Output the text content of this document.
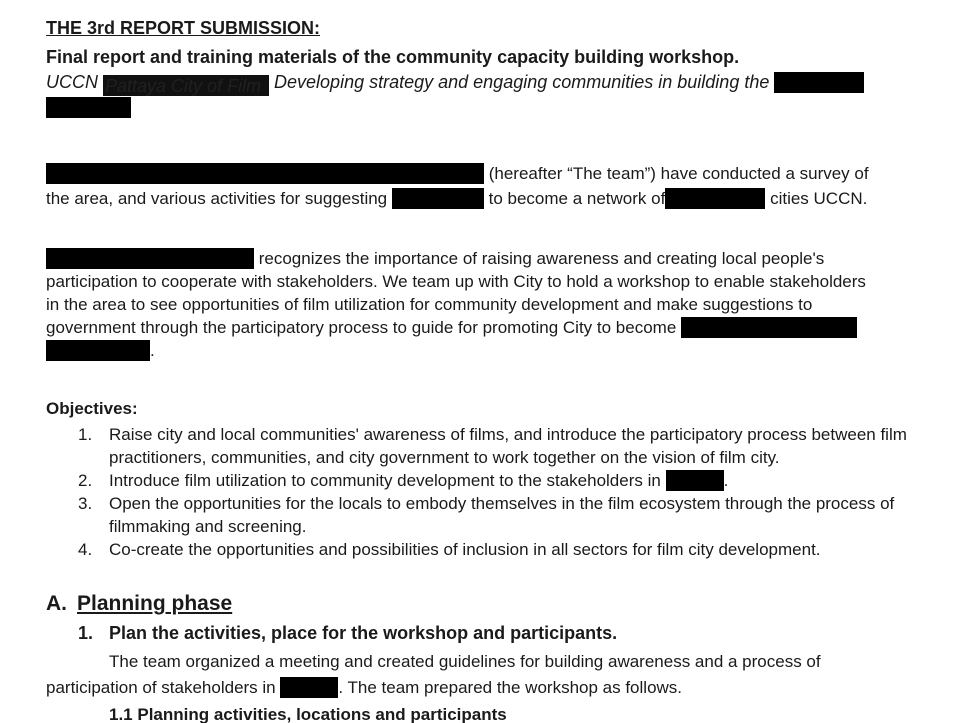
THE 3rd REPORT SUBMISSION:
Final report and training materials of the community capacity building workshop.
UCCN Pattaya City of Film Developing strategy and engaging communities in building the
(hereafter “The team”) have conducted a survey of
the area, and various activities for suggesting	to become a network of	cities UCCN.
recognizes the importance of raising awareness and creating local people's
participation to cooperate with stakeholders. We team up with City to hold a workshop to enable stakeholders
in the area to see opportunities of film utilization for community development and make suggestions to
government through the participatory process to guide for promoting City to become
.
Objectives:
1. Raise city and local communities' awareness of films, and introduce the participatory process between film practitioners, communities, and city government to work together on the vision of film city.
2. Introduce film utilization to community development to the stakeholders in	.
3. Open the opportunities for the locals to embody themselves in the film ecosystem through the process of filmmaking and screening.
4. Co-create the opportunities and possibilities of inclusion in all sectors for film city development.
A. Planning phase
1. Plan the activities, place for the workshop and participants.
The team organized a meeting and created guidelines for building awareness and a process of
participation of stakeholders in	. The team prepared the workshop as follows.
1.1 Planning activities, locations and participants
